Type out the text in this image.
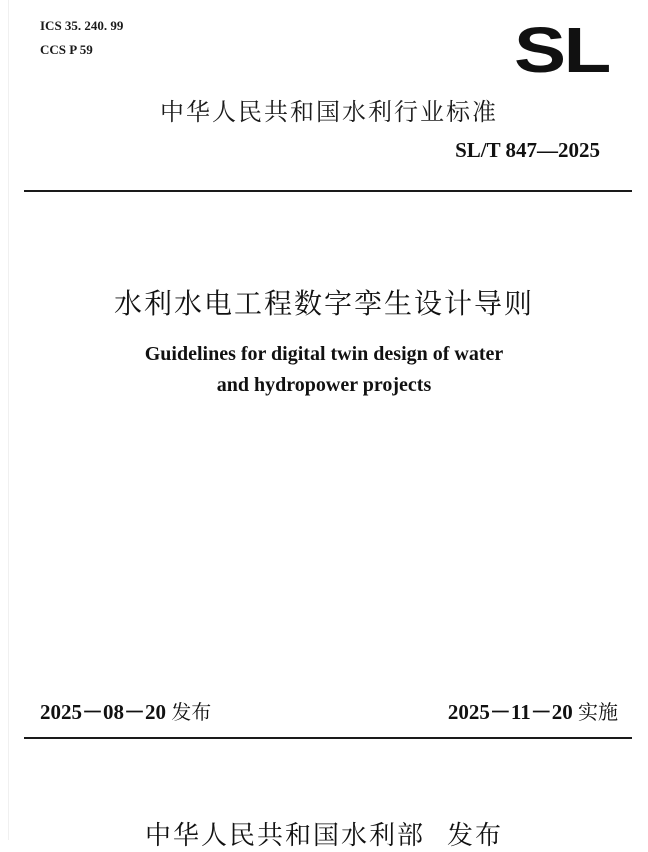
ICS 35. 240. 99
CCS P 59	SL
中华人民共和国水利行业标准
SL/T 847—2025
水利水电工程数字孪生设计导则
Guidelines for digital twin design of water
and hydropower projects
2025－08－20 发布	2025－11－20 实施
中华人民共和国水利部 发布
